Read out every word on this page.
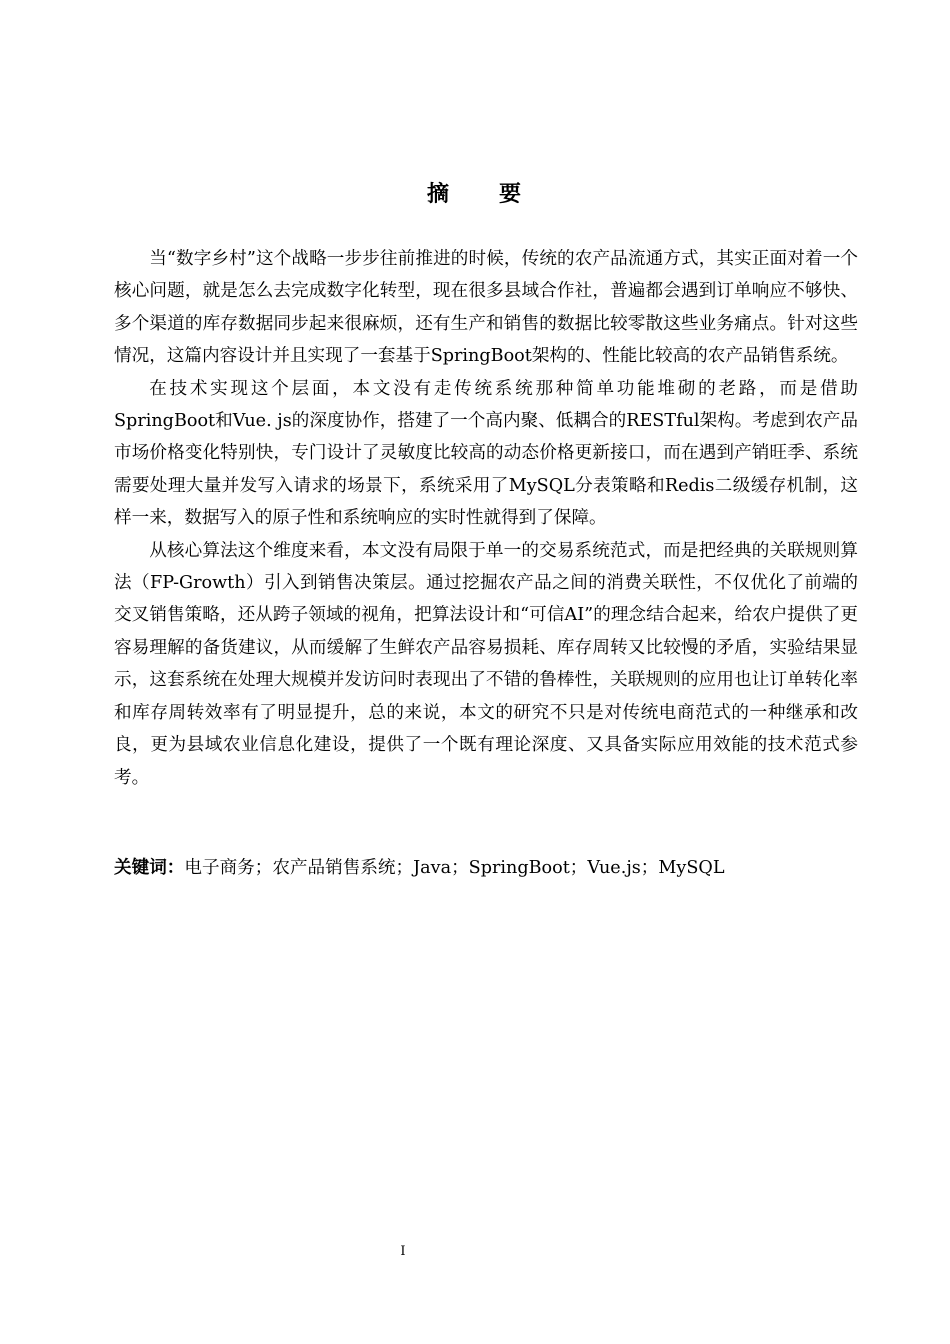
摘 要

当“数字乡村”这个战略一步步往前推进的时候，传统的农产品流通方式，其实正面对着一个核心问题，就是怎么去完成数字化转型，现在很多县域合作社，普遍都会遇到订单响应不够快、多个渠道的库存数据同步起来很麻烦，还有生产和销售的数据比较零散这些业务痛点。针对这些情况，这篇内容设计并且实现了一套基于SpringBoot架构的、性能比较高的农产品销售系统。

在技术实现这个层面，本文没有走传统系统那种简单功能堆砌的老路，而是借助SpringBoot和Vue. js的深度协作，搭建了一个高内聚、低耦合的RESTful架构。考虑到农产品市场价格变化特别快，专门设计了灵敏度比较高的动态价格更新接口，而在遇到产销旺季、系统需要处理大量并发写入请求的场景下，系统采用了MySQL分表策略和Redis二级缓存机制，这样一来，数据写入的原子性和系统响应的实时性就得到了保障。

从核心算法这个维度来看，本文没有局限于单一的交易系统范式，而是把经典的关联规则算法（FP-Growth）引入到销售决策层。通过挖掘农产品之间的消费关联性，不仅优化了前端的交叉销售策略，还从跨子领域的视角，把算法设计和“可信AI”的理念结合起来，给农户提供了更容易理解的备货建议，从而缓解了生鲜农产品容易损耗、库存周转又比较慢的矛盾，实验结果显示，这套系统在处理大规模并发访问时表现出了不错的鲁棒性，关联规则的应用也让订单转化率和库存周转效率有了明显提升，总的来说，本文的研究不只是对传统电商范式的一种继承和改良，更为县域农业信息化建设，提供了一个既有理论深度、又具备实际应用效能的技术范式参考。

关键词：电子商务；农产品销售系统；Java；SpringBoot；Vue.js；MySQL
I
